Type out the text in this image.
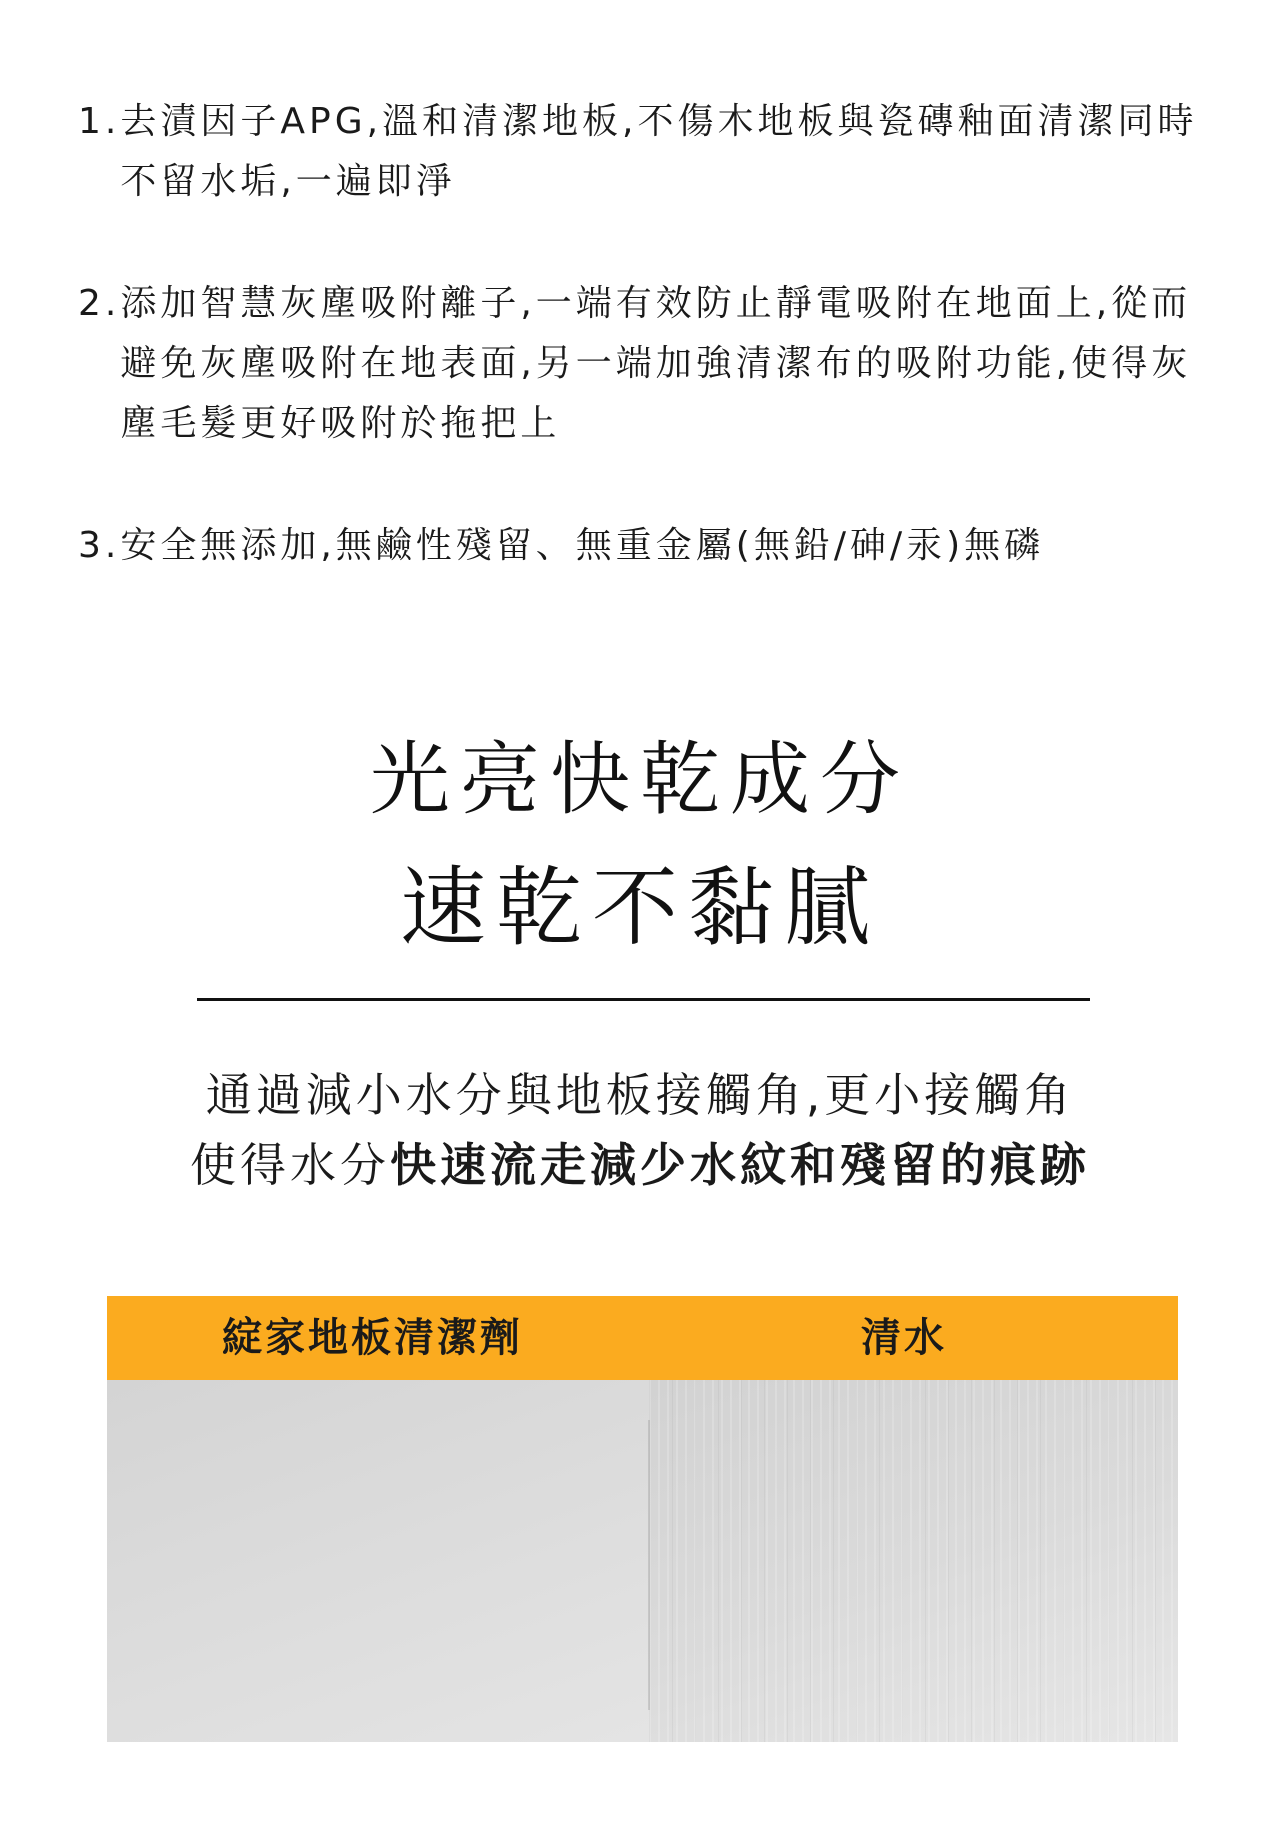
1. 去漬因子APG,溫和清潔地板,不傷木地板與瓷磚釉面清潔同時不留水垢,一遍即淨
2. 添加智慧灰塵吸附離子,一端有效防止靜電吸附在地面上,從而避免灰塵吸附在地表面,另一端加強清潔布的吸附功能,使得灰塵毛髮更好吸附於拖把上
3. 安全無添加,無鹼性殘留、無重金屬(無鉛/砷/汞)無磷
光亮快乾成分
速乾不黏膩
通過減小水分與地板接觸角,更小接觸角
使得水分快速流走減少水紋和殘留的痕跡
綻家地板清潔劑	清水
